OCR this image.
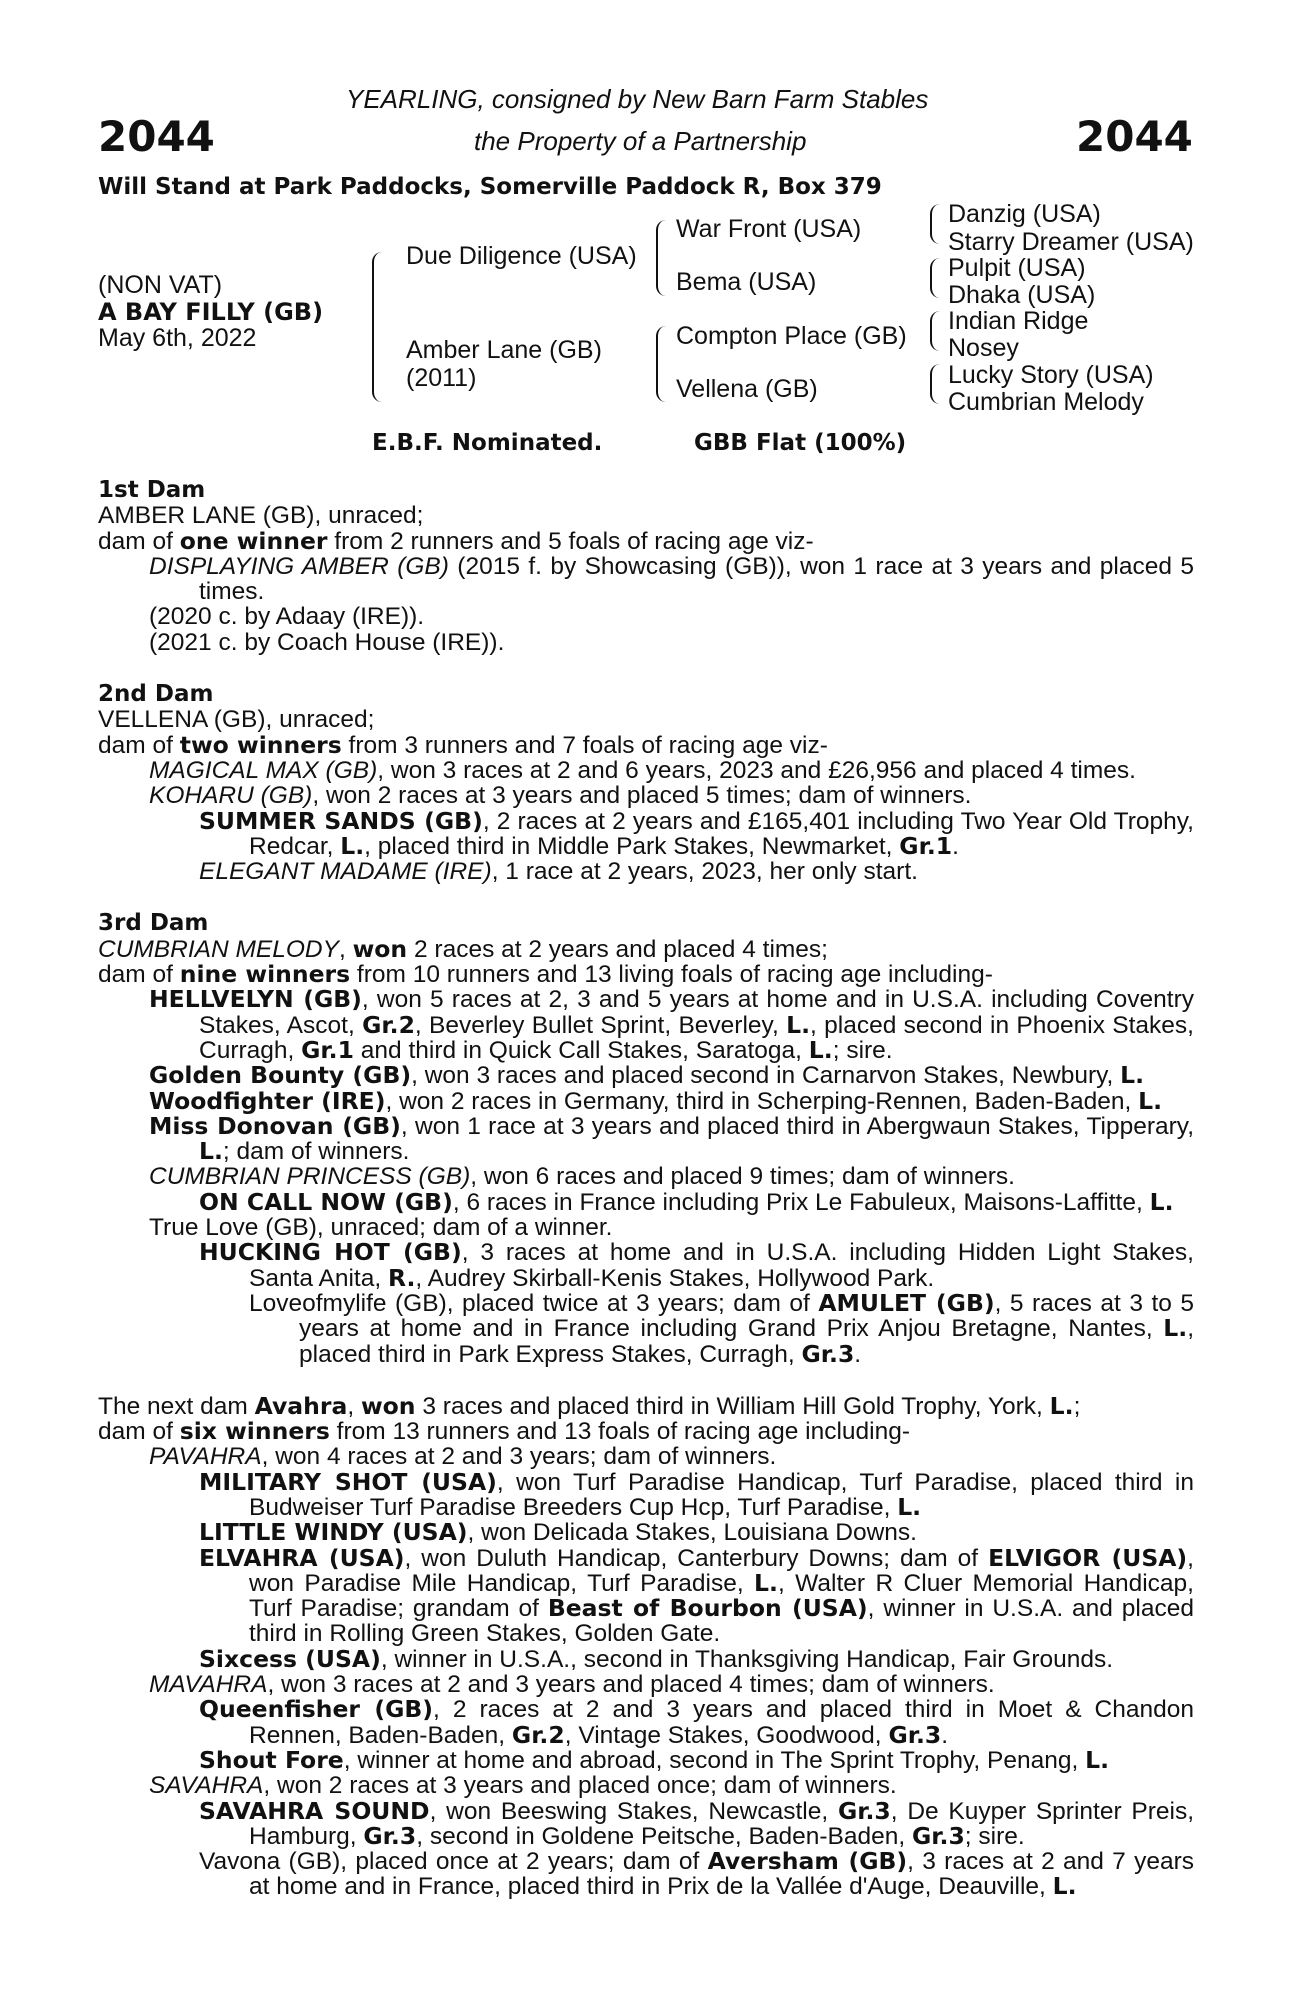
2044	2044
YEARLING, consigned by New Barn Farm Stables
the Property of a Partnership
Will Stand at Park Paddocks, Somerville Paddock R, Box 379
(NON VAT)
A BAY FILLY (GB)
May 6th, 2022
Due Diligence (USA)
Amber Lane (GB)
(2011)
War Front (USA)
Bema (USA)
Compton Place (GB)
Vellena (GB)
Danzig (USA)
Starry Dreamer (USA)
Pulpit (USA)
Dhaka (USA)
Indian Ridge
Nosey
Lucky Story (USA)
Cumbrian Melody
E.B.F. Nominated.	GBB Flat (100%)
1st Dam
AMBER LANE (GB), unraced;
dam of one winner from 2 runners and 5 foals of racing age viz-
DISPLAYING AMBER (GB) (2015 f. by Showcasing (GB)), won 1 race at 3 years and placed 5 times.
(2020 c. by Adaay (IRE)).
(2021 c. by Coach House (IRE)).
2nd Dam
VELLENA (GB), unraced;
dam of two winners from 3 runners and 7 foals of racing age viz-
MAGICAL MAX (GB), won 3 races at 2 and 6 years, 2023 and £26,956 and placed 4 times.
KOHARU (GB), won 2 races at 3 years and placed 5 times; dam of winners.
SUMMER SANDS (GB), 2 races at 2 years and £165,401 including Two Year Old Trophy, Redcar, L., placed third in Middle Park Stakes, Newmarket, Gr.1.
ELEGANT MADAME (IRE), 1 race at 2 years, 2023, her only start.
3rd Dam
CUMBRIAN MELODY, won 2 races at 2 years and placed 4 times;
dam of nine winners from 10 runners and 13 living foals of racing age including-
HELLVELYN (GB), won 5 races at 2, 3 and 5 years at home and in U.S.A. including Coventry Stakes, Ascot, Gr.2, Beverley Bullet Sprint, Beverley, L., placed second in Phoenix Stakes, Curragh, Gr.1 and third in Quick Call Stakes, Saratoga, L.; sire.
Golden Bounty (GB), won 3 races and placed second in Carnarvon Stakes, Newbury, L.
Woodfighter (IRE), won 2 races in Germany, third in Scherping-Rennen, Baden-Baden, L.
Miss Donovan (GB), won 1 race at 3 years and placed third in Abergwaun Stakes, Tipperary, L.; dam of winners.
CUMBRIAN PRINCESS (GB), won 6 races and placed 9 times; dam of winners.
ON CALL NOW (GB), 6 races in France including Prix Le Fabuleux, Maisons-Laffitte, L.
True Love (GB), unraced; dam of a winner.
HUCKING HOT (GB), 3 races at home and in U.S.A. including Hidden Light Stakes, Santa Anita, R., Audrey Skirball-Kenis Stakes, Hollywood Park.
Loveofmylife (GB), placed twice at 3 years; dam of AMULET (GB), 5 races at 3 to 5 years at home and in France including Grand Prix Anjou Bretagne, Nantes, L., placed third in Park Express Stakes, Curragh, Gr.3.
The next dam Avahra, won 3 races and placed third in William Hill Gold Trophy, York, L.;
dam of six winners from 13 runners and 13 foals of racing age including-
PAVAHRA, won 4 races at 2 and 3 years; dam of winners.
MILITARY SHOT (USA), won Turf Paradise Handicap, Turf Paradise, placed third in Budweiser Turf Paradise Breeders Cup Hcp, Turf Paradise, L.
LITTLE WINDY (USA), won Delicada Stakes, Louisiana Downs.
ELVAHRA (USA), won Duluth Handicap, Canterbury Downs; dam of ELVIGOR (USA), won Paradise Mile Handicap, Turf Paradise, L., Walter R Cluer Memorial Handicap, Turf Paradise; grandam of Beast of Bourbon (USA), winner in U.S.A. and placed third in Rolling Green Stakes, Golden Gate.
Sixcess (USA), winner in U.S.A., second in Thanksgiving Handicap, Fair Grounds.
MAVAHRA, won 3 races at 2 and 3 years and placed 4 times; dam of winners.
Queenfisher (GB), 2 races at 2 and 3 years and placed third in Moet & Chandon Rennen, Baden-Baden, Gr.2, Vintage Stakes, Goodwood, Gr.3.
Shout Fore, winner at home and abroad, second in The Sprint Trophy, Penang, L.
SAVAHRA, won 2 races at 3 years and placed once; dam of winners.
SAVAHRA SOUND, won Beeswing Stakes, Newcastle, Gr.3, De Kuyper Sprinter Preis, Hamburg, Gr.3, second in Goldene Peitsche, Baden-Baden, Gr.3; sire.
Vavona (GB), placed once at 2 years; dam of Aversham (GB), 3 races at 2 and 7 years at home and in France, placed third in Prix de la Vallée d'Auge, Deauville, L.
